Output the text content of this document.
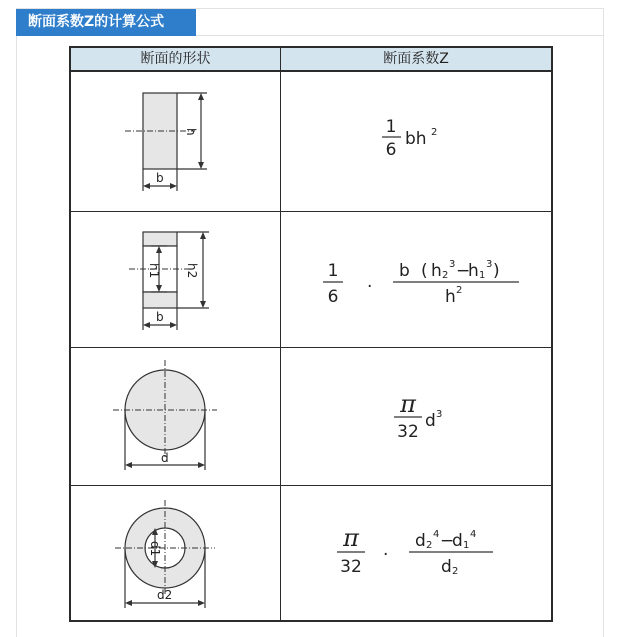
断面系数Z的计算公式
断面的形状	断面系数Z
h
b
1
6
bh 2
h1 h2
b
1
6 ·
b ( h 2
3 −
h 1
3 )
h 2
d
π
32
d 3
d1
d2
π
32
·
d 2
4 −
d 1
4
d 2
